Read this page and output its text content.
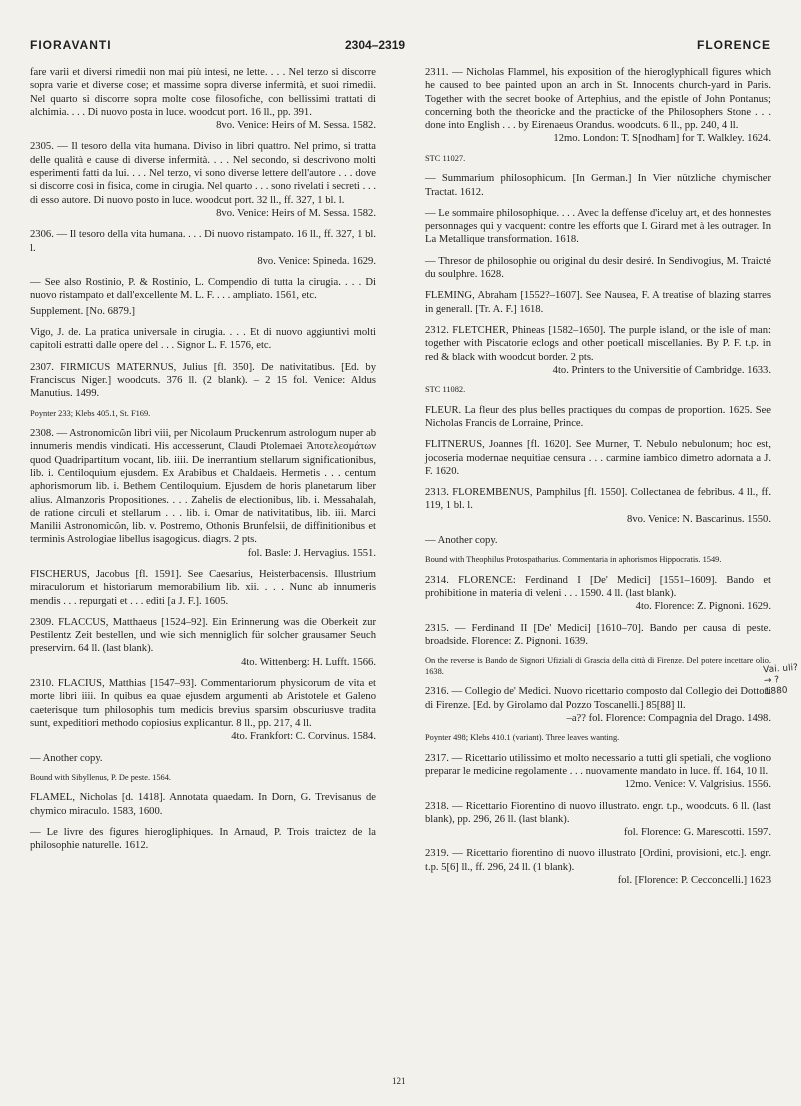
FIORAVANTI	2304–2319	FLORENCE

fare varii et diversi rimedii non mai più intesi, ne lette. . . . Nel terzo si discorre sopra varie et diverse cose; et massime sopra diverse infermità, et suoi rimedii. Nel quarto si discorre sopra molte cose filosofiche, con bellissimi trattati di alchimia. . . . Di nuovo posta in luce. woodcut port. 16 ll., pp. 391.
8vo. Venice: Heirs of M. Sessa. 1582.

2305. — Il tesoro della vita humana. Diviso in libri quattro. Nel primo, si tratta delle qualità e cause di diverse infermità. . . . Nel secondo, si descrivono molti esperimenti fatti da lui. . . . Nel terzo, vi sono diverse lettere dell'autore . . . dove si discorre così in fisica, come in cirugia. Nel quarto . . . sono rivelati i secreti . . . di esso autore. Di nuovo posto in luce. woodcut port. 32 ll., ff. 327, 1 bl. l.
8vo. Venice: Heirs of M. Sessa. 1582.

2306. — Il tesoro della vita humana. . . . Di nuovo ristampato. 16 ll., ff. 327, 1 bl. l.
8vo. Venice: Spineda. 1629.

— See also Rostinio, P. & Rostinio, L. Compendio di tutta la cirugia. . . . Di nuovo ristampato et dall'excellente M. L. F. . . . ampliato. 1561, etc.

Supplement. [No. 6879.]

Vigo, J. de. La pratica universale in cirugia. . . . Et di nuovo aggiuntivi molti capitoli estratti dalle opere del . . . Signor L. F. 1576, etc.

2307. FIRMICUS MATERNUS, Julius [fl. 350]. De nativitatibus. [Ed. by Franciscus Niger.] woodcuts. 376 ll. (2 blank). – 2 15 fol. Venice: Aldus Manutius. 1499.

Poynter 233; Klebs 405.1, St. F169.

2308. — Astronomicῶn libri viii, per Nicolaum Pruckenrum astrologum nuper ab innumeris mendis vindicati. His accesserunt, Claudi Ptolemaei Ἀποτελεσμάτων quod Quadripartitum vocant, lib. iiii. De inerrantium stellarum significationibus, lib. i. Centiloquium ejusdem. Ex Arabibus et Chaldaeis. Hermetis . . . centum aphorismorum lib. i. Bethem Centiloquium. Ejusdem de horis planetarum liber alius. Almanzoris Propositiones. . . . Zahelis de electionibus, lib. i. Messahalah, de ratione circuli et stellarum . . . lib. i. Omar de nativitatibus, lib. iii. Marci Manilii Astronomicῶn, lib. v. Postremo, Othonis Brunfelsii, de diffinitionibus et terminis Astrologiae libellus isagogicus. diagrs. 2 pts.
fol. Basle: J. Hervagius. 1551.

FISCHERUS, Jacobus [fl. 1591]. See Caesarius, Heisterbacensis. Illustrium miraculorum et historiarum memorabilium lib. xii. . . . Nunc ab innumeris mendis . . . repurgati et . . . editi [a J. F.]. 1605.

2309. FLACCUS, Matthaeus [1524–92]. Ein Erinnerung was die Oberkeit zur Pestilentz Zeit bestellen, und wie sich menniglich für solcher grausamer Seuch preservirn. 64 ll. (last blank).
4to. Wittenberg: H. Lufft. 1566.

2310. FLACIUS, Matthias [1547–93]. Commentariorum physicorum de vita et morte libri iiii. In quibus ea quae ejusdem argumenti ab Aristotele et Galeno caeterisque tum philosophis tum medicis brevius sparsim obscuriusve tradita sunt, expeditiori methodo copiosius explicantur. 8 ll., pp. 217, 4 ll.
4to. Frankfort: C. Corvinus. 1584.

— Another copy.

Bound with Sibyllenus, P. De peste. 1564.

FLAMEL, Nicholas [d. 1418]. Annotata quaedam. In Dorn, G. Trevisanus de chymico miraculo. 1583, 1600.

— Le livre des figures hierogliphiques. In Arnaud, P. Trois traictez de la philosophie naturelle. 1612.

2311. — Nicholas Flammel, his exposition of the hieroglyphicall figures which he caused to bee painted upon an arch in St. Innocents church-yard in Paris. Together with the secret booke of Artephius, and the epistle of John Pontanus; concerning both the theoricke and the practicke of the Philosophers Stone . . . done into English . . . by Eirenaeus Orandus. woodcuts. 6 ll., pp. 240, 4 ll.
12mo. London: T. S[nodham] for T. Walkley. 1624.

STC 11027.

— Summarium philosophicum. [In German.] In Vier nützliche chymischer Tractat. 1612.

— Le sommaire philosophique. . . . Avec la deffense d'iceluy art, et des honnestes personnages qui y vacquent: contre les efforts que I. Girard met à les outrager. In La Metallique transformation. 1618.

— Thresor de philosophie ou original du desir desiré. In Sendivogius, M. Traicté du soulphre. 1628.

FLEMING, Abraham [1552?–1607]. See Nausea, F. A treatise of blazing starres in generall. [Tr. A. F.] 1618.

2312. FLETCHER, Phineas [1582–1650]. The purple island, or the isle of man: together with Piscatorie eclogs and other poeticall miscellanies. By P. F. t.p. in red & black with woodcut border. 2 pts.
4to. Printers to the Universitie of Cambridge. 1633.

STC 11082.

FLEUR. La fleur des plus belles practiques du compas de proportion. 1625. See Nicholas Francis de Lorraine, Prince.

FLITNERUS, Joannes [fl. 1620]. See Murner, T. Nebulo nebulonum; hoc est, jocoseria modernae nequitiae censura . . . carmine iambico dimetro adornata a J. F. 1620.

2313. FLOREMBENUS, Pamphilus [fl. 1550]. Collectanea de febribus. 4 ll., ff. 119, 1 bl. l.
8vo. Venice: N. Bascarinus. 1550.

— Another copy.

Bound with Theophilus Protospatharius. Commentaria in aphorismos Hippocratis. 1549.

2314. FLORENCE: Ferdinand I [De' Medici] [1551–1609]. Bando et prohibitione in materia di veleni . . . 1590. 4 ll. (last blank).
4to. Florence: Z. Pignoni. 1629.

2315. — Ferdinand II [De' Medici] [1610–70]. Bando per causa di peste. broadside. Florence: Z. Pignoni. 1639.

On the reverse is Bando de Signori Ufiziali di Grascia della città di Firenze. Del potere incettare olio. 1638.

2316. — Collegio de' Medici. Nuovo ricettario composto dal Collegio dei Dottori di Firenze. [Ed. by Girolamo dal Pozzo Toscanelli.] 85[88] ll.
–a?? fol. Florence: Compagnia del Drago. 1498.

Poynter 498; Klebs 410.1 (variant). Three leaves wanting.

2317. — Ricettario utilissimo et molto necessario a tutti gli spetiali, che vogliono preparar le medicine regolamente . . . nuovamente mandato in luce. ff. 164, 10 ll.
12mo. Venice: V. Valgrisius. 1556.

2318. — Ricettario Fiorentino di nuovo illustrato. engr. t.p., woodcuts. 6 ll. (last blank), pp. 296, 26 ll. (last blank).
fol. Florence: G. Marescotti. 1597.

2319. — Ricettario fiorentino di nuovo illustrato [Ordini, provisioni, etc.]. engr. t.p. 5[6] ll., ff. 296, 24 ll. (1 blank).
fol. [Florence: P. Cecconcelli.] 1623

Vai. uli? → ? 1880
121
